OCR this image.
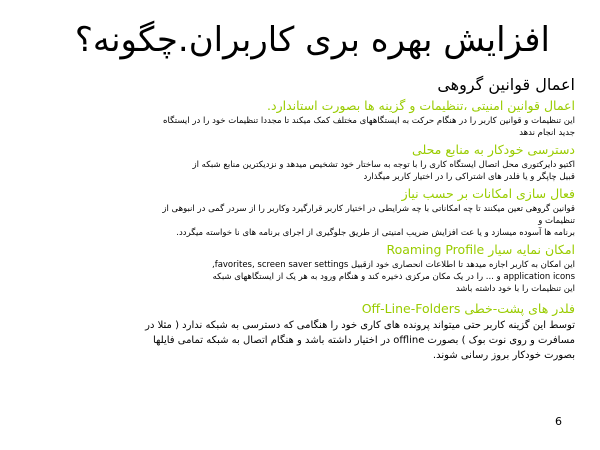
افزایش بهره بری کاربران.چگونه؟
اعمال قوانین گروهی
اعمال قوانین امنیتی ،تنظیمات و گزینه ها بصورت استاندارد.
این تنظیمات و قوانین کاربر را در هنگام حرکت به ایستگاههای مختلف کمک میکند تا مجددا تنظیمات خود را در ایستگاه
جدید انجام ندهد
دسترسی خودکار به منابع محلی
اکتیو دایرکتوری محل اتصال ایستگاه کاری را با توجه به ساختار خود تشخیص میدهد و نزدیکترین منابع شبکه از
قبیل چاپگر و یا فلدر های اشتراکی را در اختیار کاربر میگذارد
فعال سازی امکانات بر حسب نیاز
قوانین گروهی تعین میکنند تا چه امکاناتی با چه شرایطی در اختیار کاربر قرارگیرد وکاربر را از سردر گمی در انبوهی از
تنظیمات و
برنامه ها آسوده میسازد و یا عت افزایش ضریب امنیتی از طریق جلوگیری از اجرای برنامه های نا خواسته میگردد.
امکان نمایه سیار Roaming Profile
این امکان به کاربر اجازه میدهد تا اطلاعات انحصاری خود ازقبیل favorites, screen saver settings,
application icons و ... را در یک مکان مرکزی ذخیره کند و هنگام ورود به هر یک از ایستگاههای شبکه
این تنظیمات را با خود داشته باشد
فلدر های پشت-خطی Off-Line-Folders
توسط این گزینه کاربر حتی میتواند پرونده های کاری خود را هنگامی که دسترسی به شبکه ندارد ( مثلا در
مسافرت و روی نوت بوک ) بصورت offline در اختیار داشته باشد و هنگام اتصال به شبکه تمامی فایلها
بصورت خودکار بروز رسانی شوند.
6
